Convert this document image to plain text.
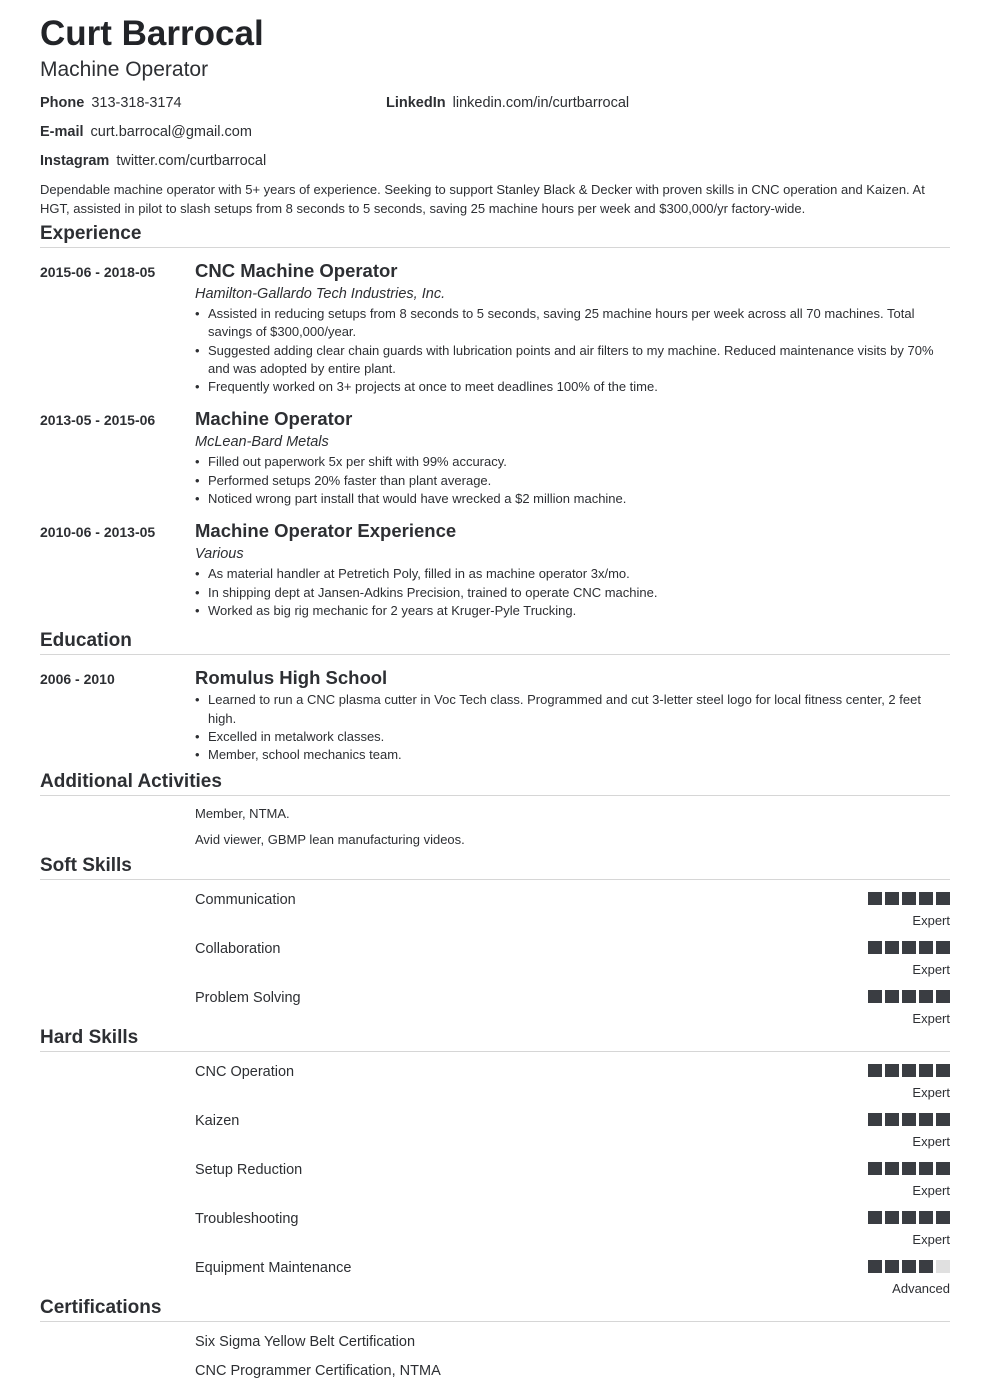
Curt Barrocal
Machine Operator
Phone 313-318-3174	LinkedIn linkedin.com/in/curtbarrocal
E-mail curt.barrocal@gmail.com
Instagram twitter.com/curtbarrocal
Dependable machine operator with 5+ years of experience. Seeking to support Stanley Black & Decker with proven skills in CNC operation and Kaizen. At HGT, assisted in pilot to slash setups from 8 seconds to 5 seconds, saving 25 machine hours per week and $300,000/yr factory-wide.
Experience
2015-06 - 2018-05	CNC Machine Operator
Hamilton-Gallardo Tech Industries, Inc.
• Assisted in reducing setups from 8 seconds to 5 seconds, saving 25 machine hours per week across all 70 machines. Total savings of $300,000/year.
• Suggested adding clear chain guards with lubrication points and air filters to my machine. Reduced maintenance visits by 70% and was adopted by entire plant.
• Frequently worked on 3+ projects at once to meet deadlines 100% of the time.
2013-05 - 2015-06	Machine Operator
McLean-Bard Metals
• Filled out paperwork 5x per shift with 99% accuracy.
• Performed setups 20% faster than plant average.
• Noticed wrong part install that would have wrecked a $2 million machine.
2010-06 - 2013-05	Machine Operator Experience
Various
• As material handler at Petretich Poly, filled in as machine operator 3x/mo.
• In shipping dept at Jansen-Adkins Precision, trained to operate CNC machine.
• Worked as big rig mechanic for 2 years at Kruger-Pyle Trucking.
Education
2006 - 2010	Romulus High School
• Learned to run a CNC plasma cutter in Voc Tech class. Programmed and cut 3-letter steel logo for local fitness center, 2 feet high.
• Excelled in metalwork classes.
• Member, school mechanics team.
Additional Activities
Member, NTMA.
Avid viewer, GBMP lean manufacturing videos.
Soft Skills
Communication
Expert
Collaboration
Expert
Problem Solving
Expert
Hard Skills
CNC Operation
Expert
Kaizen
Expert
Setup Reduction
Expert
Troubleshooting
Expert
Equipment Maintenance
Advanced
Certifications
Six Sigma Yellow Belt Certification
CNC Programmer Certification, NTMA
